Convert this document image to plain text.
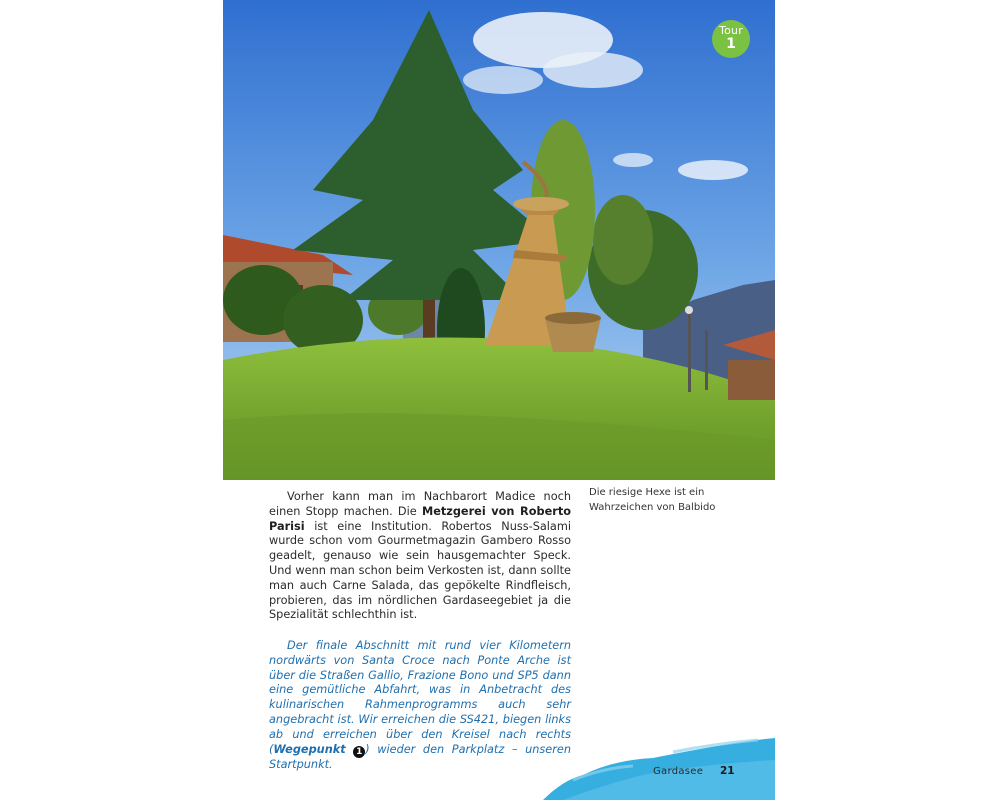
Tour
1

Vorher kann man im Nachbarort Madice noch einen Stopp machen. Die Metzgerei von Roberto Parisi ist eine Institution. Robertos Nuss-Salami wurde schon vom Gourmetmagazin Gambero Rosso geadelt, genauso wie sein hausgemachter Speck. Und wenn man schon beim Verkosten ist, dann sollte man auch Carne Salada, das gepökelte Rindfleisch, probieren, das im nördlichen Gardaseegebiet ja die Spezialität schlechthin ist.

Der finale Abschnitt mit rund vier Kilometern nordwärts von Santa Croce nach Ponte Arche ist über die Straßen Gallio, Frazione Bono und SP5 dann eine gemütliche Abfahrt, was in Anbetracht des kulinarischen Rahmenprogramms auch sehr angebracht ist. Wir erreichen die SS421, biegen links ab und erreichen über den Kreisel nach rechts (Wegepunkt 1 ) wieder den Parkplatz – unseren Startpunkt.
Die riesige Hexe ist ein Wahrzeichen von Balbido
Gardasee 21
